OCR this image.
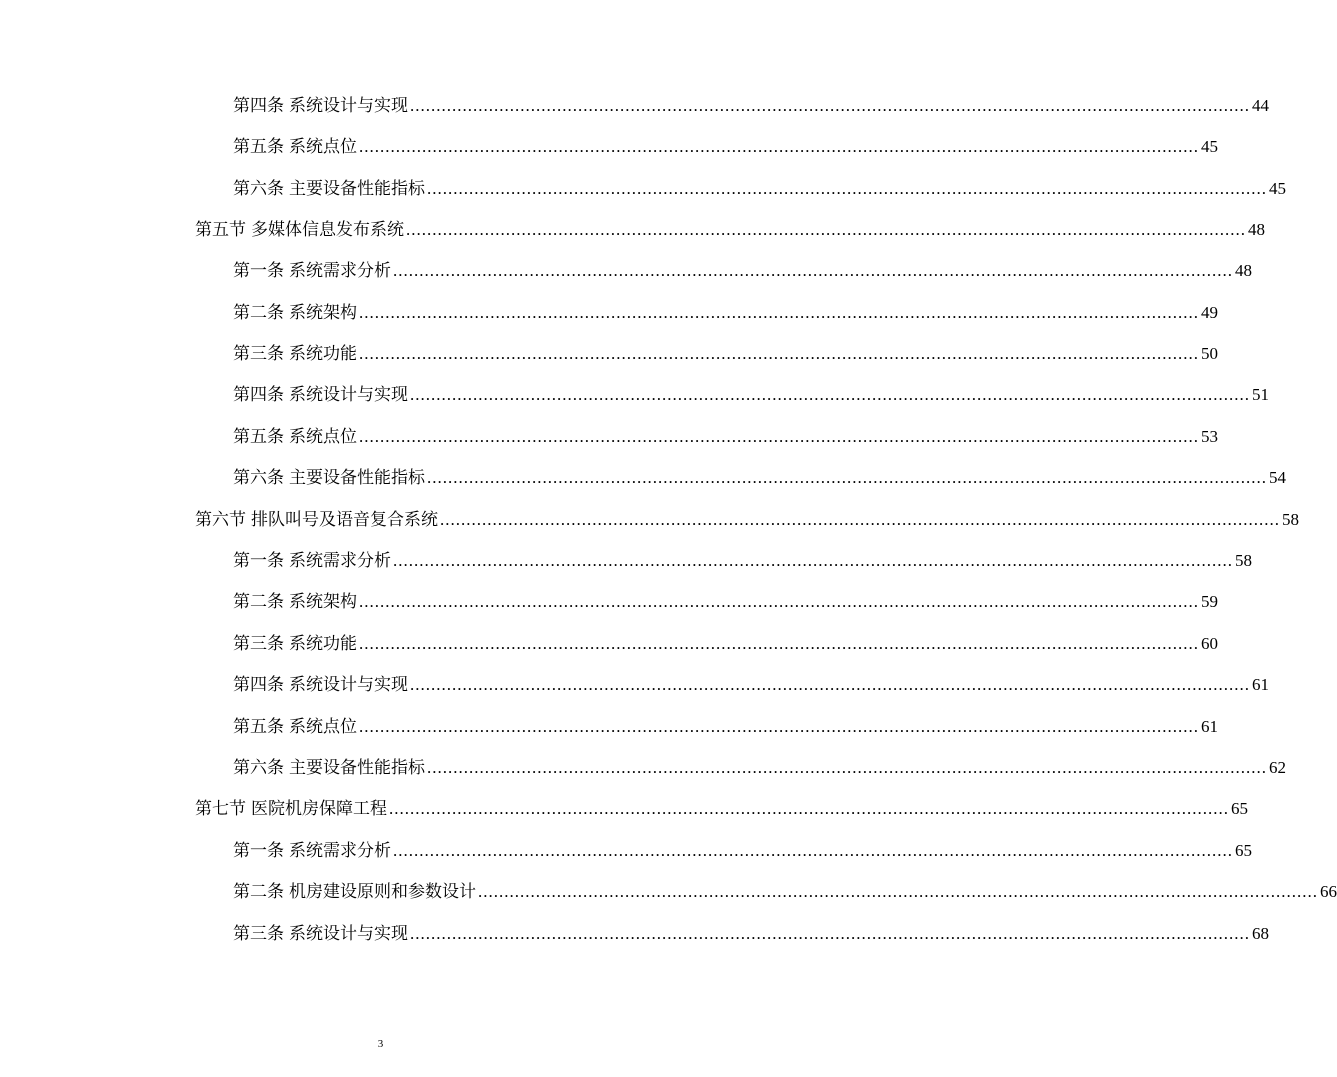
第四条 系统设计与实现 ................................................................................................................................................................ 44
第五条 系统点位 ................................................................................................................................................................ 45
第六条 主要设备性能指标 ................................................................................................................................................................ 45
第五节 多媒体信息发布系统 ................................................................................................................................................................ 48
第一条 系统需求分析 ................................................................................................................................................................ 48
第二条 系统架构 ................................................................................................................................................................ 49
第三条 系统功能 ................................................................................................................................................................ 50
第四条 系统设计与实现 ................................................................................................................................................................ 51
第五条 系统点位 ................................................................................................................................................................ 53
第六条 主要设备性能指标 ................................................................................................................................................................ 54
第六节 排队叫号及语音复合系统 ................................................................................................................................................................ 58
第一条 系统需求分析 ................................................................................................................................................................ 58
第二条 系统架构 ................................................................................................................................................................ 59
第三条 系统功能 ................................................................................................................................................................ 60
第四条 系统设计与实现 ................................................................................................................................................................ 61
第五条 系统点位 ................................................................................................................................................................ 61
第六条 主要设备性能指标 ................................................................................................................................................................ 62
第七节 医院机房保障工程 ................................................................................................................................................................ 65
第一条 系统需求分析 ................................................................................................................................................................ 65
第二条 机房建设原则和参数设计 ................................................................................................................................................................ 66
第三条 系统设计与实现 ................................................................................................................................................................ 68
3
